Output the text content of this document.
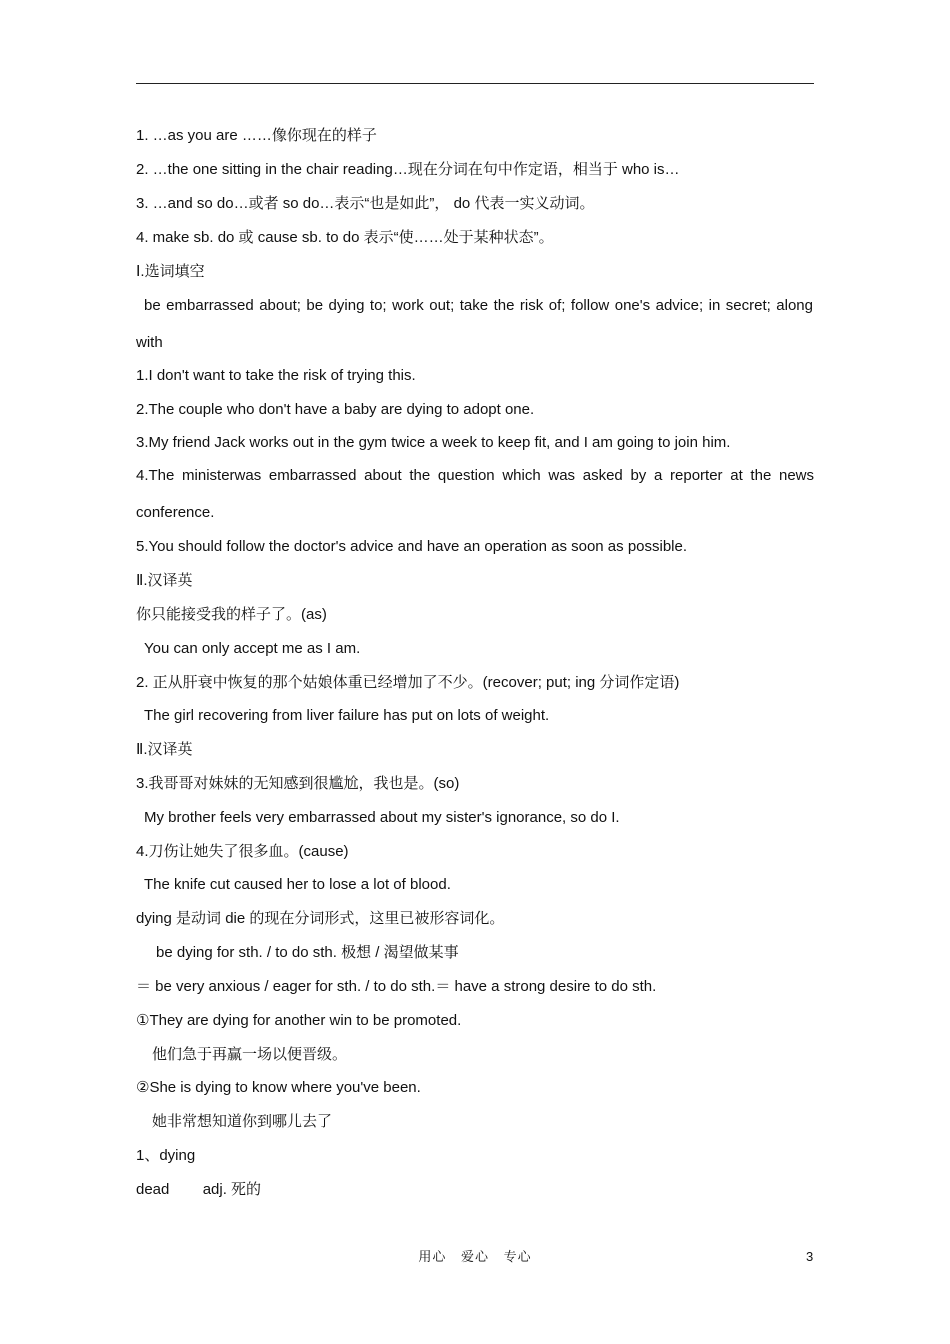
1. …as you are ……像你现在的样子
2. …the one sitting in the chair reading…现在分词在句中作定语，相当于 who is…
3. …and so do…或者 so do…表示“也是如此”， do 代表一实义动词。
4. make sb. do 或 cause sb. to do 表示“使……处于某种状态”。
Ⅰ.选词填空
be embarrassed about; be dying to; work out; take the risk of; follow one's advice; in secret; along
with
1.I don't want to take the risk of trying this.
2.The couple who don't have a baby are dying to adopt one.
3.My friend Jack works out in the gym twice a week to keep fit, and I am going to join him.
4.The ministerwas embarrassed about the question which was asked by a reporter at the news
conference.
5.You should follow the doctor's advice and have an operation as soon as possible.
Ⅱ.汉译英
你只能接受我的样子了。(as)
You can only accept me as I am.
2. 正从肝衰中恢复的那个姑娘体重已经增加了不少。(recover; put; ing 分词作定语)
The girl recovering from liver failure has put on lots of weight.
Ⅱ.汉译英
3.我哥哥对妹妹的无知感到很尴尬，我也是。(so)
My brother feels very embarrassed about my sister's ignorance, so do I.
4.刀伤让她失了很多血。(cause)
The knife cut caused her to lose a lot of blood.
dying 是动词 die 的现在分词形式，这里已被形容词化。
be dying for sth. / to do sth. 极想 / 渴望做某事
＝ be very anxious / eager for sth. / to do sth.＝ have a strong desire to do sth.
①They are dying for another win to be promoted.
他们急于再赢一场以便晋级。
②She is dying to know where you've been.
她非常想知道你到哪儿去了
1、dying
dead        adj. 死的
用心 爱心 专心	3
